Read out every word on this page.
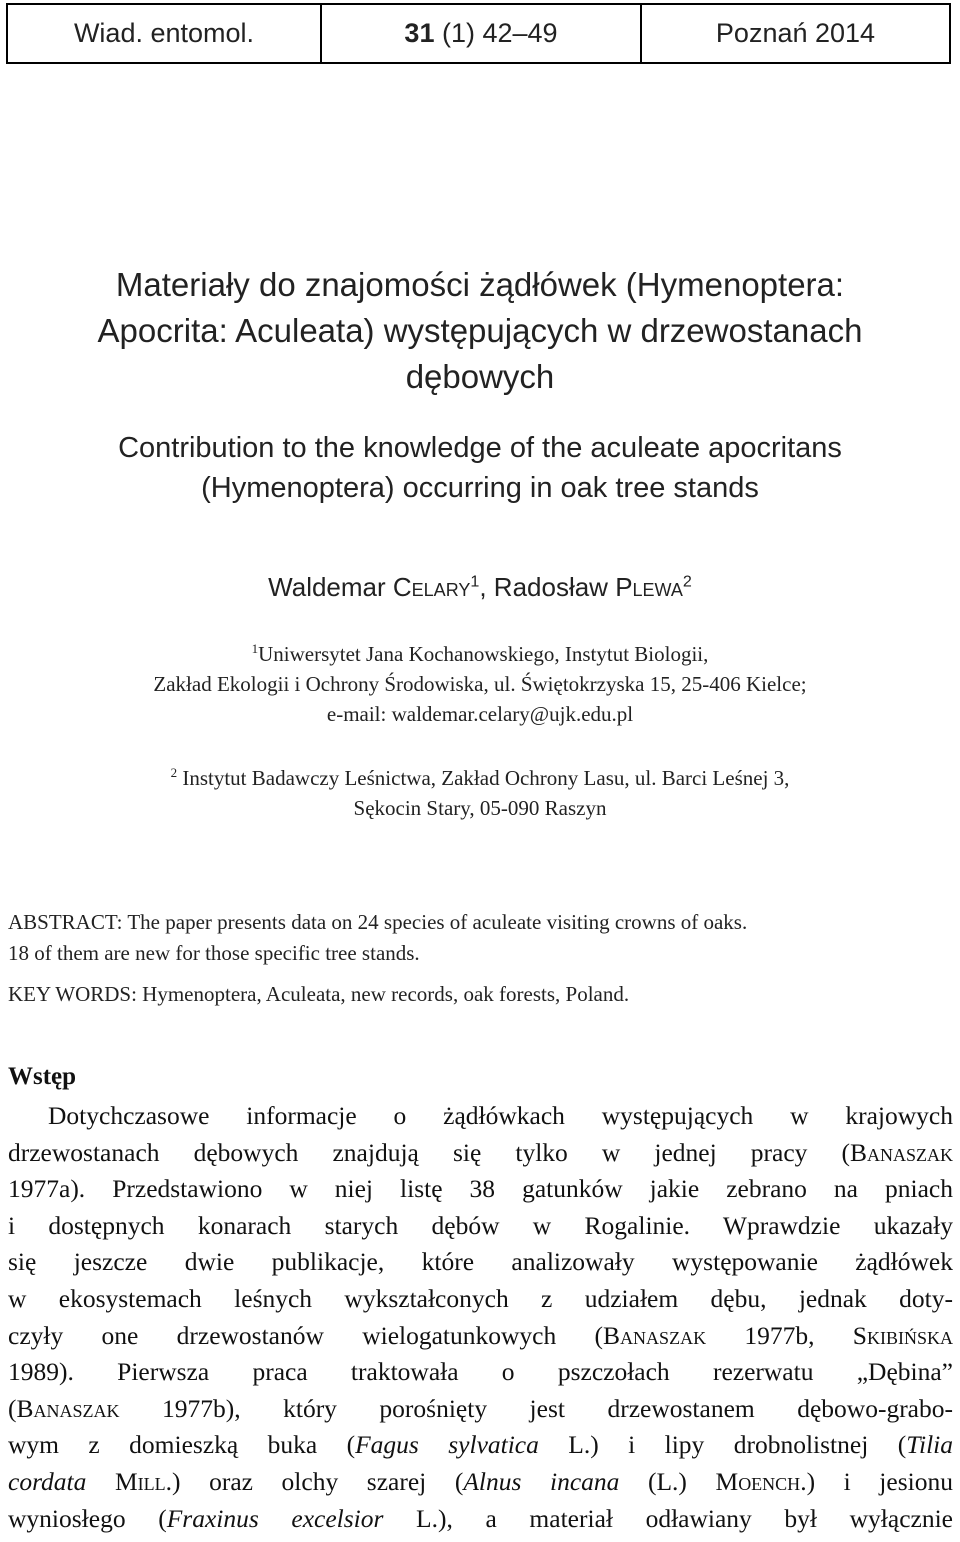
Wiad. entomol.	31 (1) 42–49	Poznań 2014
Materiały do znajomości żądłówek (Hymenoptera:
Apocrita: Aculeata) występujących w drzewostanach
dębowych
Contribution to the knowledge of the aculeate apocritans
(Hymenoptera) occurring in oak tree stands
Waldemar Celary$^1$, Radosław Plewa$^2$
$^1$Uniwersytet Jana Kochanowskiego, Instytut Biologii,
Zakład Ekologii i Ochrony Środowiska, ul. Świętokrzyska 15, 25-406 Kielce;
e-mail: waldemar.celary@ujk.edu.pl
$^2$ Instytut Badawczy Leśnictwa, Zakład Ochrony Lasu, ul. Barci Leśnej 3,
Sękocin Stary, 05-090 Raszyn
ABSTRACT: The paper presents data on 24 species of aculeate visiting crowns of oaks.
18 of them are new for those specific tree stands.
KEY WORDS: Hymenoptera, Aculeata, new records, oak forests, Poland.
Wstęp
Dotychczasowe informacje o żądłówkach występujących w krajowych
drzewostanach dębowych znajdują się tylko w jednej pracy (Banaszak
1977a). Przedstawiono w niej listę 38 gatunków jakie zebrano na pniach
i dostępnych konarach starych dębów w Rogalinie. Wprawdzie ukazały
się jeszcze dwie publikacje, które analizowały występowanie żądłówek
w ekosystemach leśnych wykształconych z udziałem dębu, jednak doty-
czyły one drzewostanów wielogatunkowych (Banaszak 1977b, Skibińska
1989). Pierwsza praca traktowała o pszczołach rezerwatu „Dębina”
(Banaszak 1977b), który porośnięty jest drzewostanem dębowo-grabo-
wym z domieszką buka (Fagus sylvatica L.) i lipy drobnolistnej (Tilia
cordata Mill.) oraz olchy szarej (Alnus incana (L.) Moench.) i jesionu
wyniosłego (Fraxinus excelsior L.), a materiał odławiany był wyłącznie
